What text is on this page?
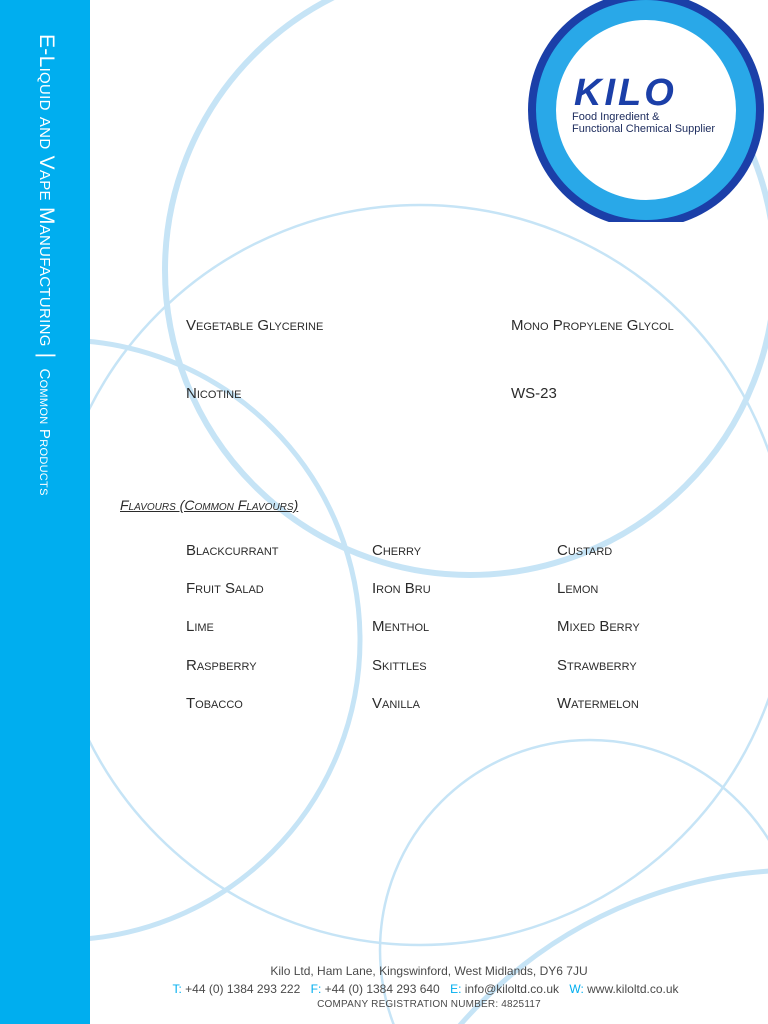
E-Liquid and Vape Manufacturing|Common Products
KILO
Food Ingredient &
Functional Chemical Supplier
Vegetable Glycerine	Mono Propylene Glycol
Nicotine	WS-23
Flavours (Common Flavours)
Blackcurrant	Cherry	Custard
Fruit Salad	Iron Bru	Lemon
Lime	Menthol	Mixed Berry
Raspberry	Skittles	Strawberry
Tobacco	Vanilla	Watermelon
Kilo Ltd, Ham Lane, Kingswinford, West Midlands, DY6 7JU
T: +44 (0) 1384 293 222 F: +44 (0) 1384 293 640 E: info@kiloltd.co.uk W: www.kiloltd.co.uk
COMPANY REGISTRATION NUMBER: 4825117
